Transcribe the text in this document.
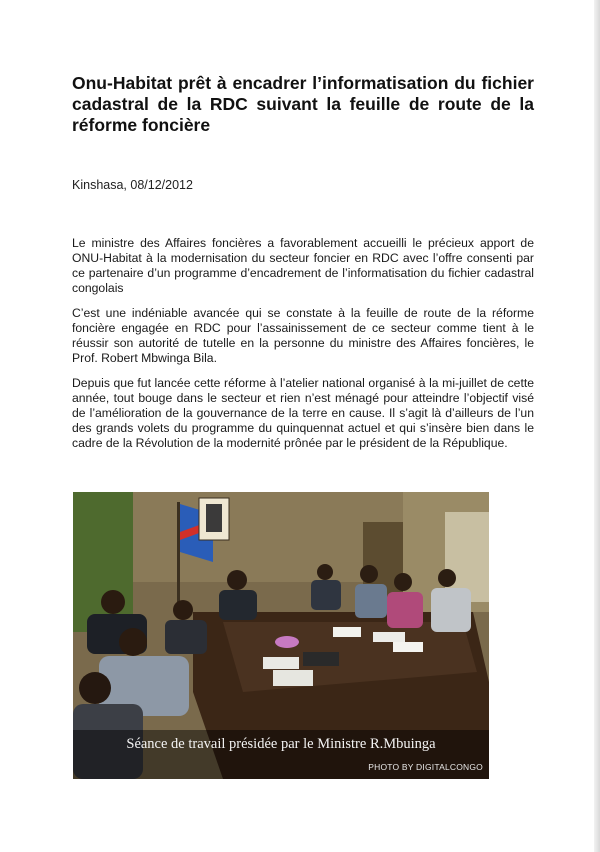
Onu-Habitat prêt à encadrer l’informatisation du fichier cadastral de la RDC suivant la feuille de route de la réforme foncière
Kinshasa, 08/12/2012

Le ministre des Affaires foncières a favorablement accueilli le précieux apport de ONU-Habitat à la modernisation du secteur foncier en RDC avec l’offre consenti par ce partenaire d’un programme d’encadrement de l’informatisation du fichier cadastral congolais

C’est une indéniable avancée qui se constate à la feuille de route de la réforme foncière engagée en RDC pour l’assainissement de ce secteur comme tient à le réussir son autorité de tutelle en la personne du ministre des Affaires foncières, le Prof. Robert Mbwinga Bila.

Depuis que fut lancée cette réforme à l’atelier national organisé à la mi-juillet de cette année, tout bouge dans le secteur et rien n’est ménagé pour atteindre l’objectif visé de l’amélioration de la gouvernance de la terre en cause. Il s’agit là d’ailleurs de l’un des grands volets du programme du quinquennat actuel et qui s’insère bien dans le cadre de la Révolution de la modernité prônée par le président de la République.

Séance de travail présidée par le Ministre R.Mbuinga
PHOTO BY DIGITALCONGO
